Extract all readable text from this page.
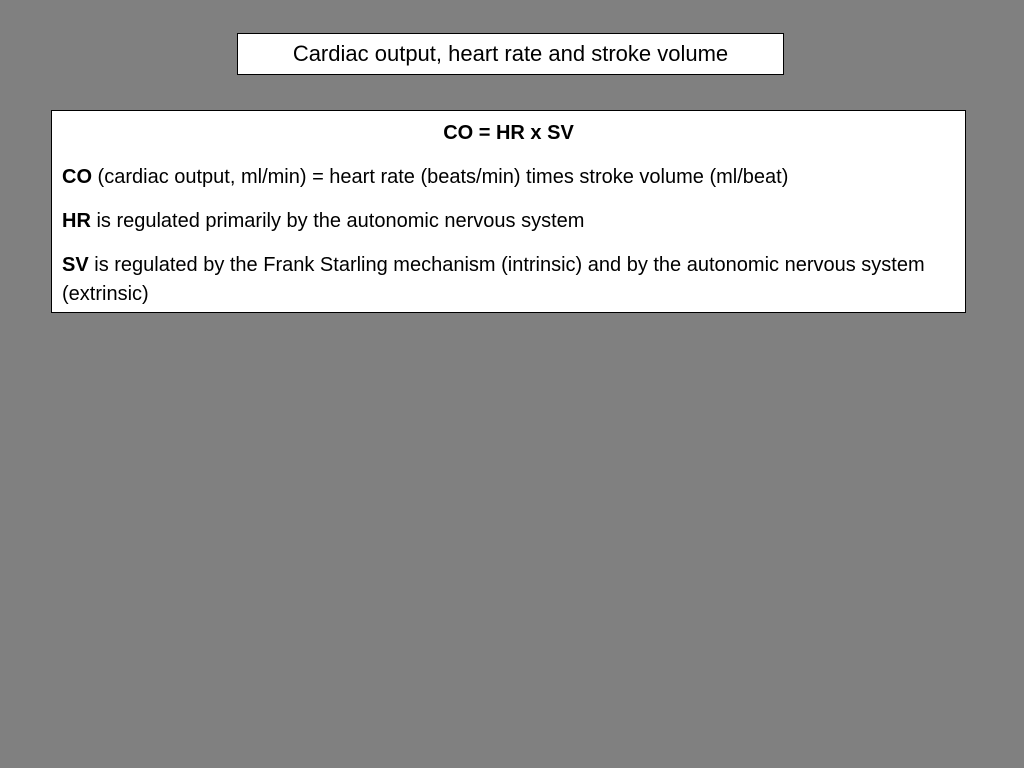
Cardiac output, heart rate and stroke volume

CO = HR x SV

CO (cardiac output, ml/min) = heart rate (beats/min) times stroke volume (ml/beat)

HR is regulated primarily by the autonomic nervous system

SV is regulated by the Frank Starling mechanism (intrinsic) and by the autonomic nervous system (extrinsic)
